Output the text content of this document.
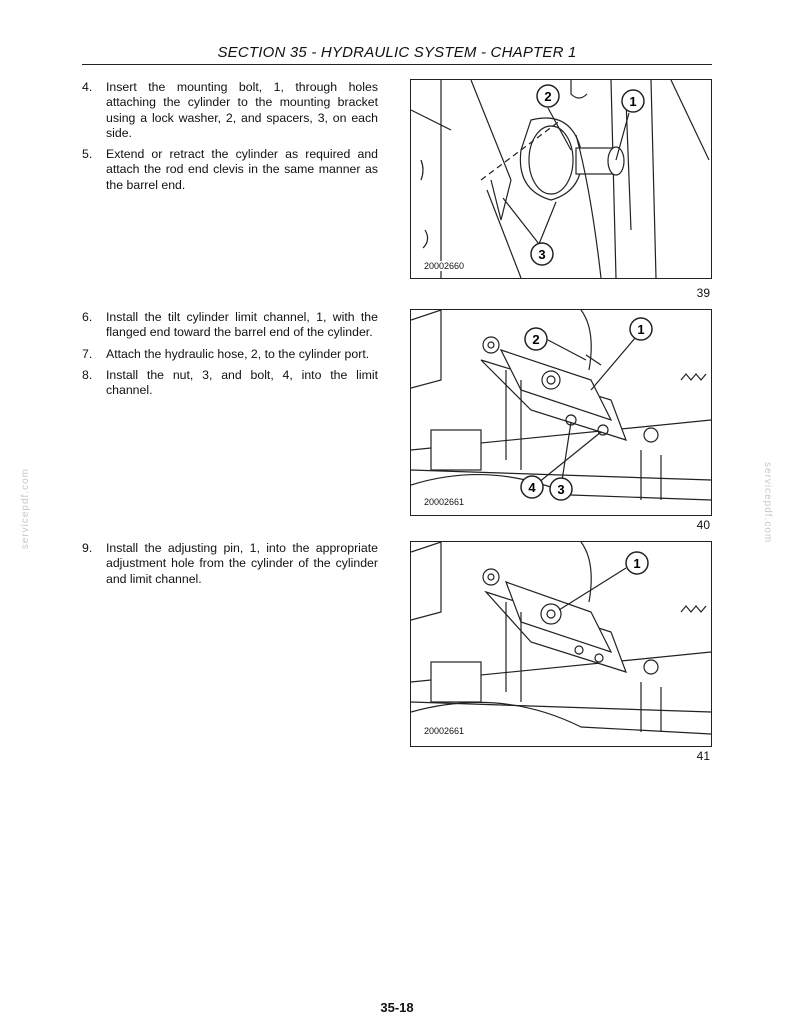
SECTION 35 - HYDRAULIC SYSTEM - CHAPTER 1
4.	Insert the mounting bolt, 1, through holes attaching the cylinder to the mounting bracket using a lock washer, 2, and spacers, 3, on each side.
5.	Extend or retract the cylinder as required and attach the rod end clevis in the same manner as the barrel end.
6.	Install the tilt cylinder limit channel, 1, with the flanged end toward the barrel end of the cylinder.
7.	Attach the hydraulic hose, 2, to the cylinder port.
8.	Install the nut, 3, and bolt, 4, into the limit channel.
9.	Install the adjusting pin, 1, into the appropriate adjustment hole from the cylinder of the cylinder and limit channel.
2	1
3
20002660
39
1
2
4 3
20002661
40
1
20002661
41
servicepdf.com	servicepdf.com
35-18
